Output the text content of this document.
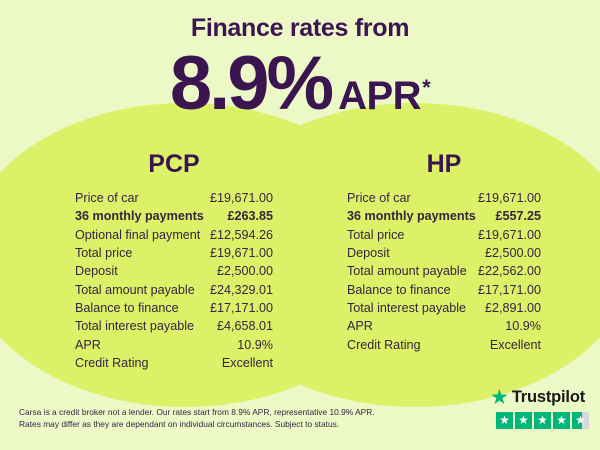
Finance rates from
8.9% APR*
PCP
Price of car	£19,671.00
36 monthly payments £263.85
Optional final payment £12,594.26
Total price	£19,671.00
Deposit	£2,500.00
Total amount payable £24,329.01
Balance to finance £17,171.00
Total interest payable £4,658.01
APR	10.9%
Credit Rating	Excellent
HP
Price of car	£19,671.00
36 monthly payments £557.25
Total price	£19,671.00
Deposit	£2,500.00
Total amount payable £22,562.00
Balance to finance £17,171.00
Total interest payable £2,891.00
APR	10.9%
Credit Rating	Excellent

Carsa is a credit broker not a lender. Our rates start from 8.9% APR, representative 10.9% APR.
Rates may differ as they are dependant on individual circumstances. Subject to status.

★ Trustpilot
★ ★ ★ ★ ★
